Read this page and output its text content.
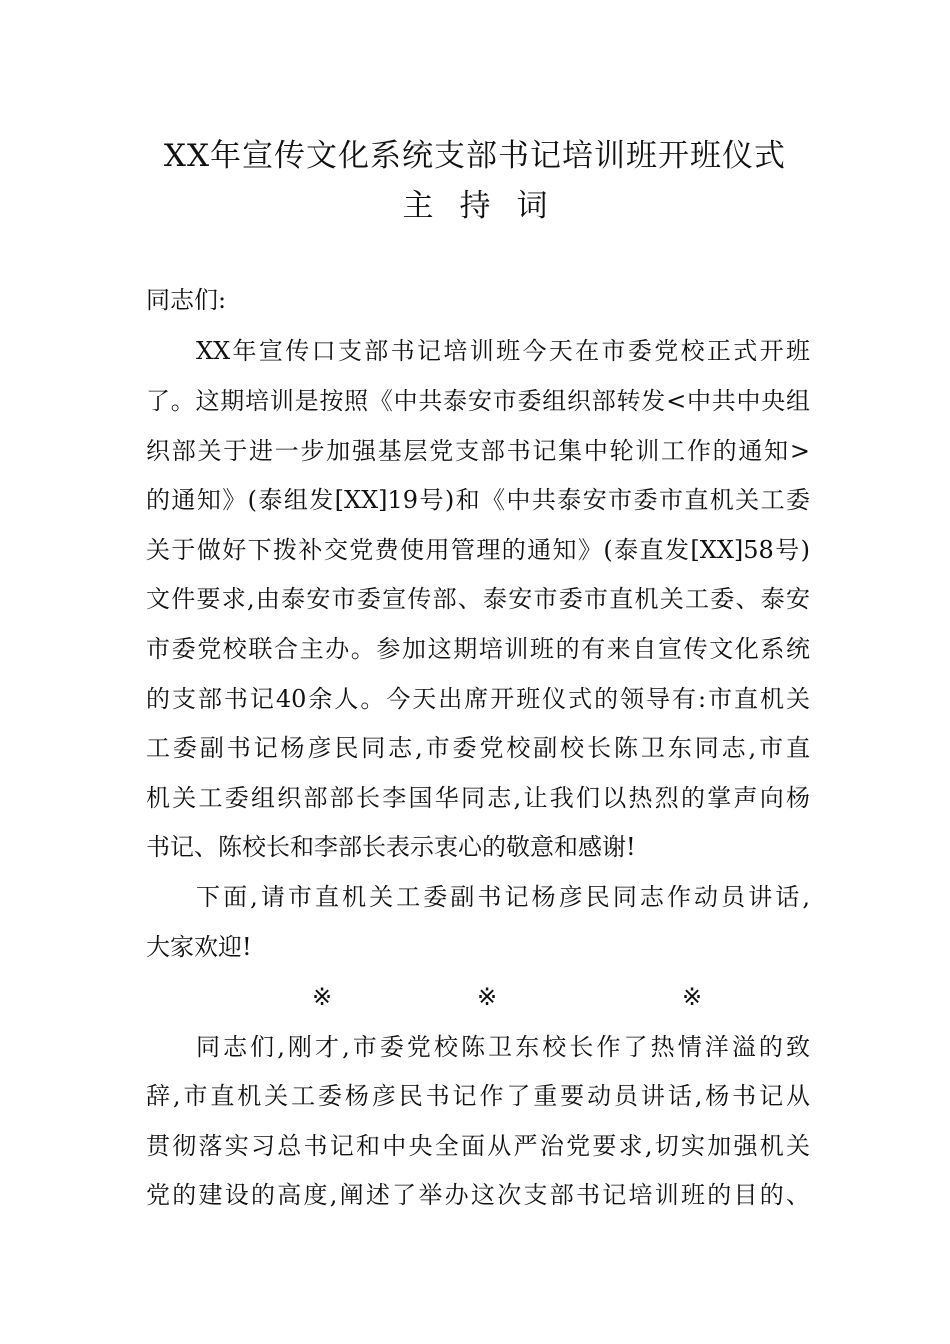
XX年宣传文化系统支部书记培训班开班仪式
主持词
同志们:
XX年宣传口支部书记培训班今天在市委党校正式开班
了。这期培训是按照《中共泰安市委组织部转发<中共中央组
织部关于进一步加强基层党支部书记集中轮训工作的通知>
的通知》(泰组发[XX]19号)和《中共泰安市委市直机关工委
关于做好下拨补交党费使用管理的通知》(泰直发[XX]58号)
文件要求,由泰安市委宣传部、泰安市委市直机关工委、泰安
市委党校联合主办。参加这期培训班的有来自宣传文化系统
的支部书记40余人。今天出席开班仪式的领导有:市直机关
工委副书记杨彦民同志,市委党校副校长陈卫东同志,市直
机关工委组织部部长李国华同志,让我们以热烈的掌声向杨
书记、陈校长和李部长表示衷心的敬意和感谢!
下面,请市直机关工委副书记杨彦民同志作动员讲话,
大家欢迎!
※	※	※
同志们,刚才,市委党校陈卫东校长作了热情洋溢的致
辞,市直机关工委杨彦民书记作了重要动员讲话,杨书记从
贯彻落实习总书记和中央全面从严治党要求,切实加强机关
党的建设的高度,阐述了举办这次支部书记培训班的目的、
